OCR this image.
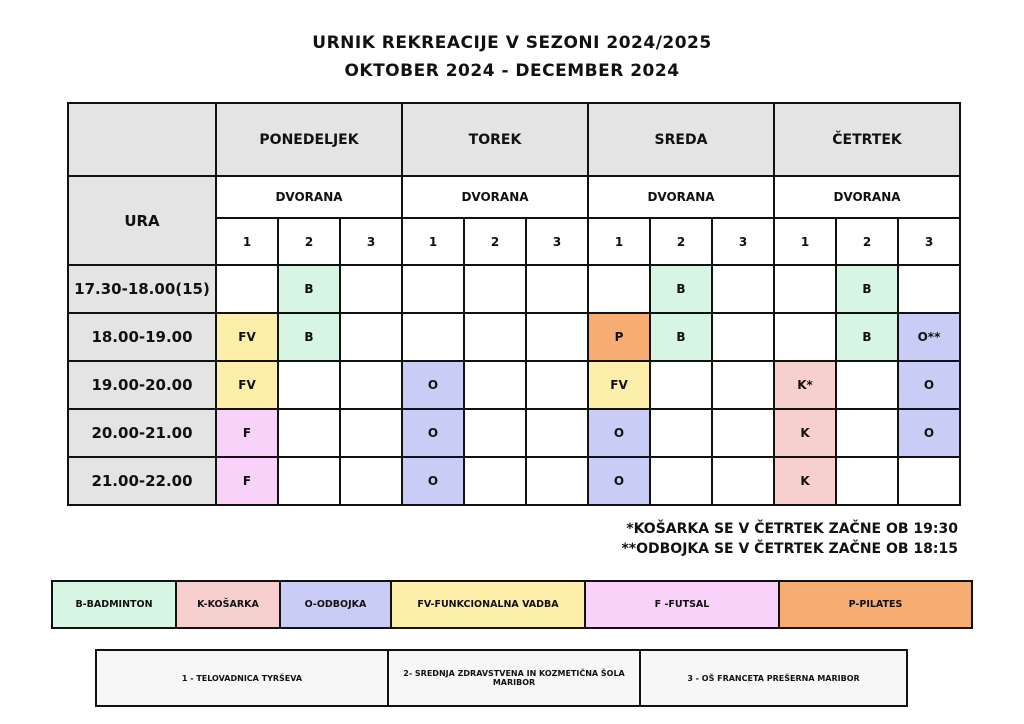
URNIK REKREACIJE V SEZONI 2024/2025
OKTOBER 2024 - DECEMBER 2024
	PONEDELJEK			TOREK			SREDA			ČETRTEK		
URA	DVORANA			DVORANA			DVORANA			DVORANA		
	1	2	3	1	2	3	1	2	3	1	2	3
17.30-18.00(15)		B						B			B	
18.00-19.00	FV	B					P	B			B	O**
19.00-20.00	FV			O			FV			K*		O
20.00-21.00	F			O			O			K		O
21.00-22.00	F			O			O			K		
*KOŠARKA SE V ČETRTEK ZAČNE OB 19:30
**ODBOJKA SE V ČETRTEK ZAČNE OB 18:15
B-BADMINTON	K-KOŠARKA	O-ODBOJKA	FV-FUNKCIONALNA VADBA	F -FUTSAL	P-PILATES
1 - TELOVADNICA TYRŠEVA	2- SREDNJA ZDRAVSTVENA IN KOZMETIČNA ŠOLA MARIBOR	3 - OŠ FRANCETA PREŠERNA MARIBOR
